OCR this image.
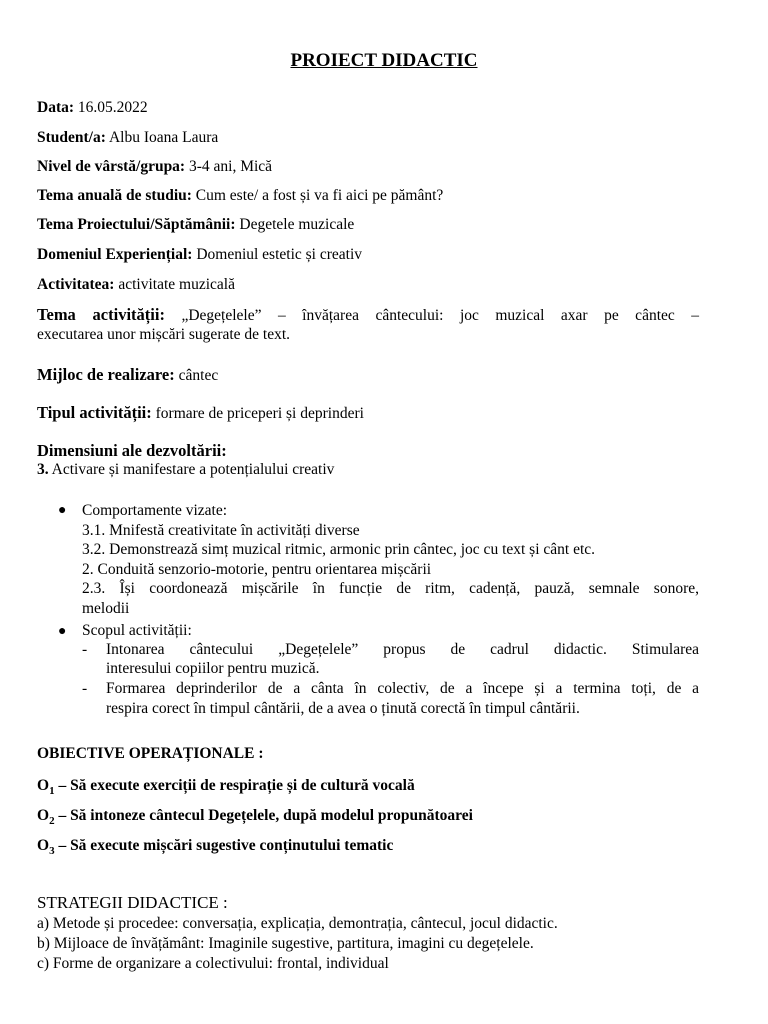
PROIECT DIDACTIC
Data: 16.05.2022
Student/a: Albu Ioana Laura
Nivel de vârstă/grupa: 3-4 ani, Mică
Tema anuală de studiu: Cum este/ a fost și va fi aici pe pământ?
Tema Proiectului/Săptămânii: Degetele muzicale
Domeniul Experiențial: Domeniul estetic și creativ
Activitatea: activitate muzicală
Tema activității: „Degețelele” – învățarea cântecului: joc muzical axar pe cântec –
executarea unor mișcări sugerate de text.
Mijloc de realizare: cântec
Tipul activității: formare de priceperi și deprinderi
Dimensiuni ale dezvoltării:
3. Activare și manifestare a potențialului creativ
● Comportamente vizate:
3.1. Mnifestă creativitate în activități diverse
3.2. Demonstrează simț muzical ritmic, armonic prin cântec, joc cu text și cânt etc.
2. Conduită senzorio-motorie, pentru orientarea mișcării
2.3. Își coordonează mișcările în funcție de ritm, cadență, pauză, semnale sonore,
melodii
● Scopul activității:
- Intonarea cântecului „Degețelele” propus de cadrul didactic. Stimularea
interesului copiilor pentru muzică.
- Formarea deprinderilor de a cânta în colectiv, de a începe și a termina toți, de a
respira corect în timpul cântării, de a avea o ținută corectă în timpul cântării.
OBIECTIVE OPERAȚIONALE :
$O_1$ – Să execute exerciții de respirație și de cultură vocală
$O_2$ – Să intoneze cântecul Degețelele, după modelul propunătoarei
$O_3$ – Să execute mișcări sugestive conținutului tematic
STRATEGII DIDACTICE :
a) Metode și procedee: conversația, explicația, demontrația, cântecul, jocul didactic.
b) Mijloace de învățământ: Imaginile sugestive, partitura, imagini cu degețelele.
c) Forme de organizare a colectivului: frontal, individual
